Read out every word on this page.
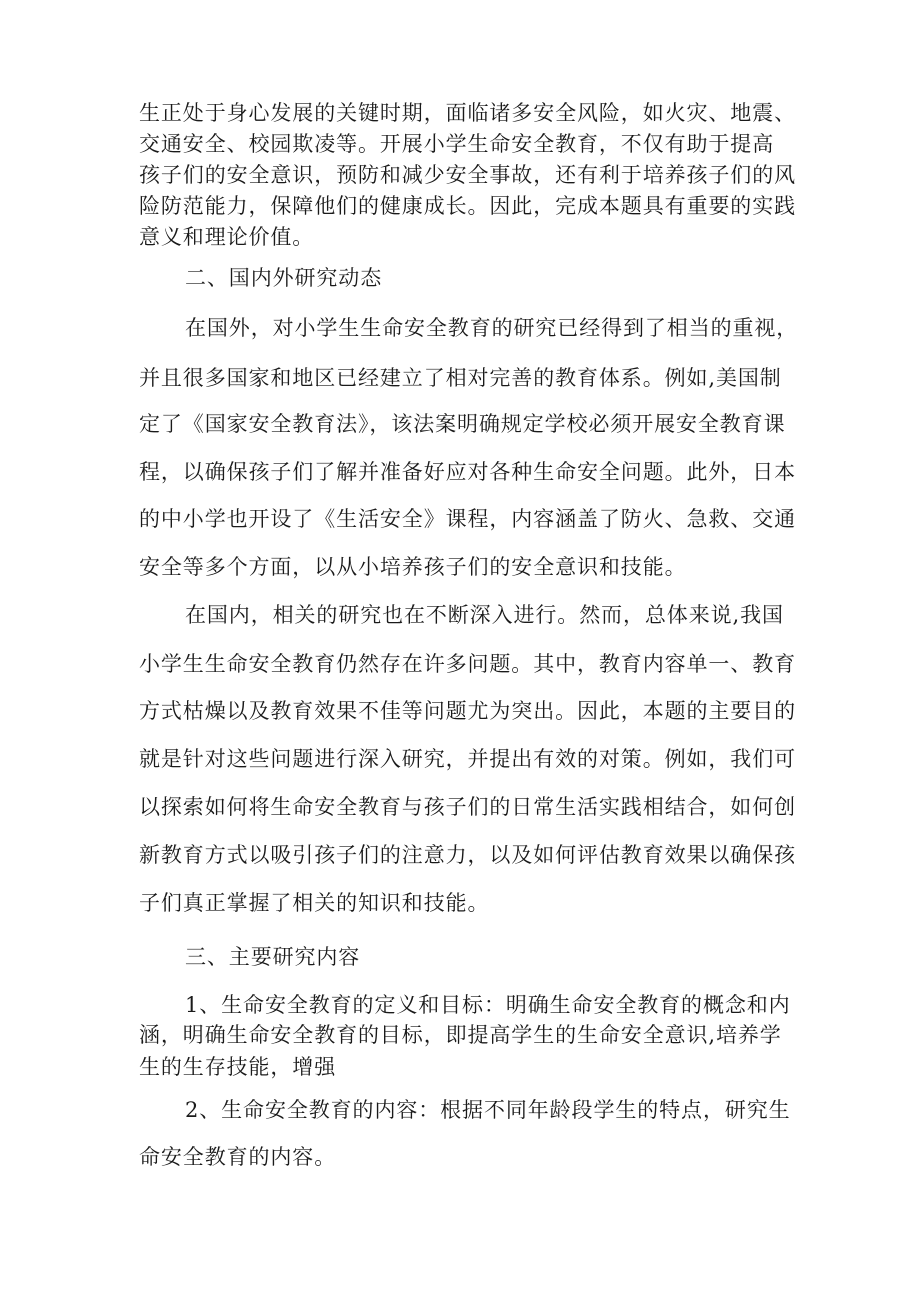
生正处于身心发展的关键时期，面临诸多安全风险，如火灾、地震、
交通安全、校园欺凌等。开展小学生命安全教育，不仅有助于提高
孩子们的安全意识，预防和减少安全事故，还有利于培养孩子们的风
险防范能力，保障他们的健康成长。因此，完成本题具有重要的实践
意义和理论价值。
二、国内外研究动态
在国外，对小学生生命安全教育的研究已经得到了相当的重视，
并且很多国家和地区已经建立了相对完善的教育体系。例如,美国制
定了《国家安全教育法》，该法案明确规定学校必须开展安全教育课
程，以确保孩子们了解并准备好应对各种生命安全问题。此外，日本
的中小学也开设了《生活安全》课程，内容涵盖了防火、急救、交通
安全等多个方面，以从小培养孩子们的安全意识和技能。
在国内，相关的研究也在不断深入进行。然而，总体来说,我国
小学生生命安全教育仍然存在许多问题。其中，教育内容单一、教育
方式枯燥以及教育效果不佳等问题尤为突出。因此，本题的主要目的
就是针对这些问题进行深入研究，并提出有效的对策。例如，我们可
以探索如何将生命安全教育与孩子们的日常生活实践相结合，如何创
新教育方式以吸引孩子们的注意力，以及如何评估教育效果以确保孩
子们真正掌握了相关的知识和技能。
三、主要研究内容
1、生命安全教育的定义和目标：明确生命安全教育的概念和内
涵，明确生命安全教育的目标，即提高学生的生命安全意识,培养学
生的生存技能，增强
2、生命安全教育的内容：根据不同年龄段学生的特点，研究生
命安全教育的内容。
